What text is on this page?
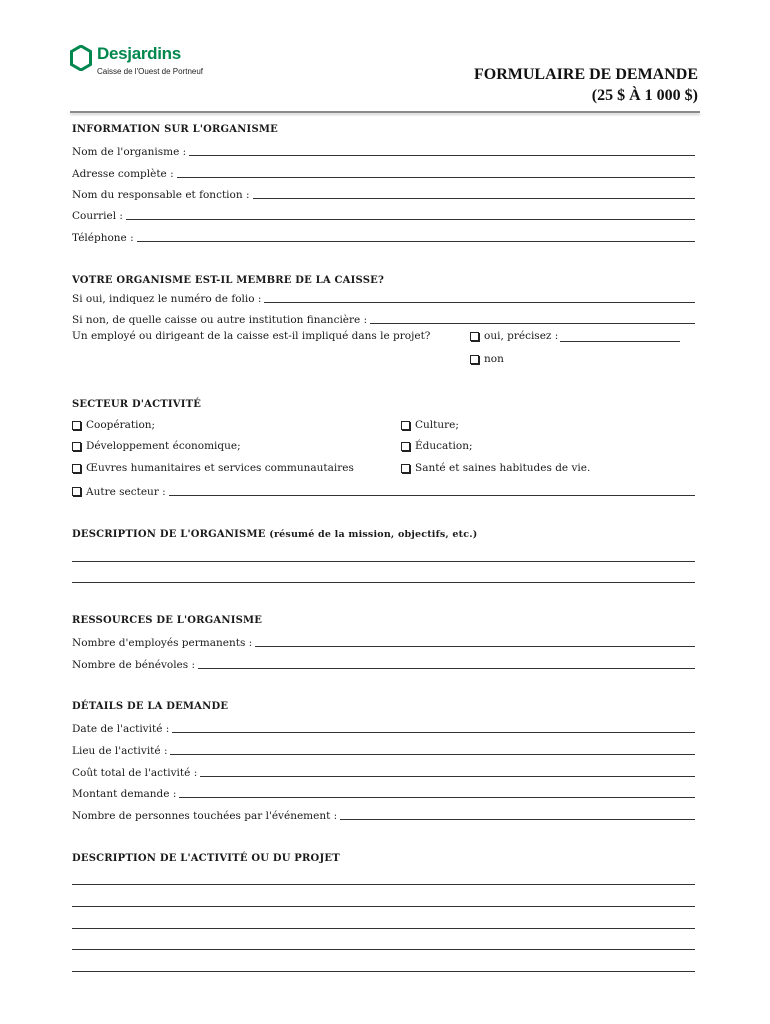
Desjardins
Caisse de l'Ouest de Portneuf	FORMULAIRE DE DEMANDE
(25 $ À 1 000 $)
INFORMATION SUR L'ORGANISME
Nom de l'organisme :
Adresse complète :
Nom du responsable et fonction :
Courriel :
Téléphone :
VOTRE ORGANISME EST-IL MEMBRE DE LA CAISSE?
Si oui, indiquez le numéro de folio :
Si non, de quelle caisse ou autre institution financière :
Un employé ou dirigeant de la caisse est-il impliqué dans le projet?	oui, précisez :
non
SECTEUR D'ACTIVITÉ
Coopération;
Développement économique;
Œuvres humanitaires et services communautaires
Culture;
Éducation;
Santé et saines habitudes de vie.
Autre secteur :
DESCRIPTION DE L'ORGANISME (résumé de la mission, objectifs, etc.)
RESSOURCES DE L'ORGANISME
Nombre d'employés permanents :
Nombre de bénévoles :
DÉTAILS DE LA DEMANDE
Date de l'activité :
Lieu de l'activité :
Coût total de l'activité :
Montant demande :
Nombre de personnes touchées par l'événement :
DESCRIPTION DE L'ACTIVITÉ OU DU PROJET
